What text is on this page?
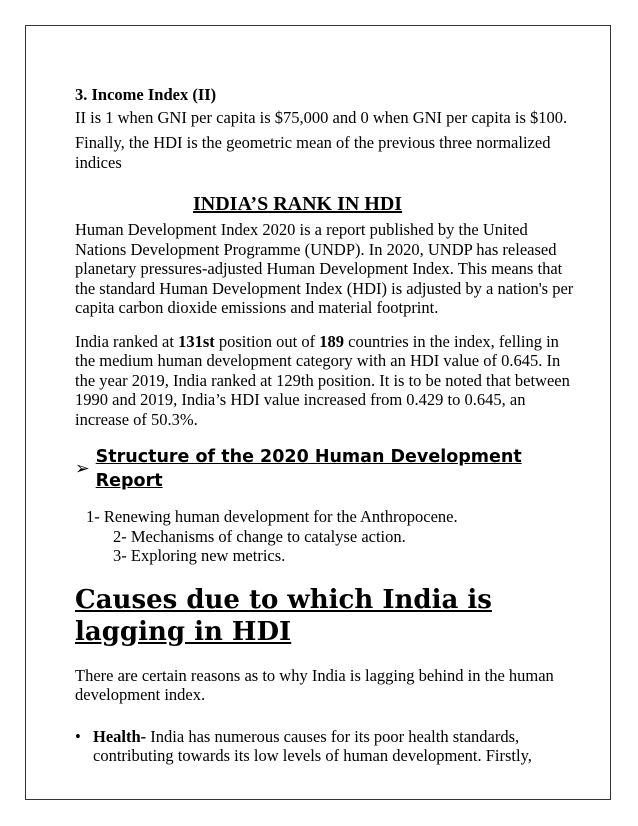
3. Income Index (II)

II is 1 when GNI per capita is $75,000 and 0 when GNI per capita is $100.

Finally, the HDI is the geometric mean of the previous three normalized indices

INDIA’S RANK IN HDI

Human Development Index 2020 is a report published by the United Nations Development Programme (UNDP). In 2020, UNDP has released planetary pressures-adjusted Human Development Index. This means that the standard Human Development Index (HDI) is adjusted by a nation's per capita carbon dioxide emissions and material footprint.

India ranked at 131st position out of 189 countries in the index, felling in the medium human development category with an HDI value of 0.645. In the year 2019, India ranked at 129th position. It is to be noted that between 1990 and 2019, India’s HDI value increased from 0.429 to 0.645, an increase of 50.3%.

➢
Structure of the 2020 Human Development Report

1- Renewing human development for the Anthropocene.
2- Mechanisms of change to catalyse action.
3- Exploring new metrics.

Causes due to which India is lagging in HDI

There are certain reasons as to why India is lagging behind in the human development index.

• Health- India has numerous causes for its poor health standards, contributing towards its low levels of human development. Firstly,
